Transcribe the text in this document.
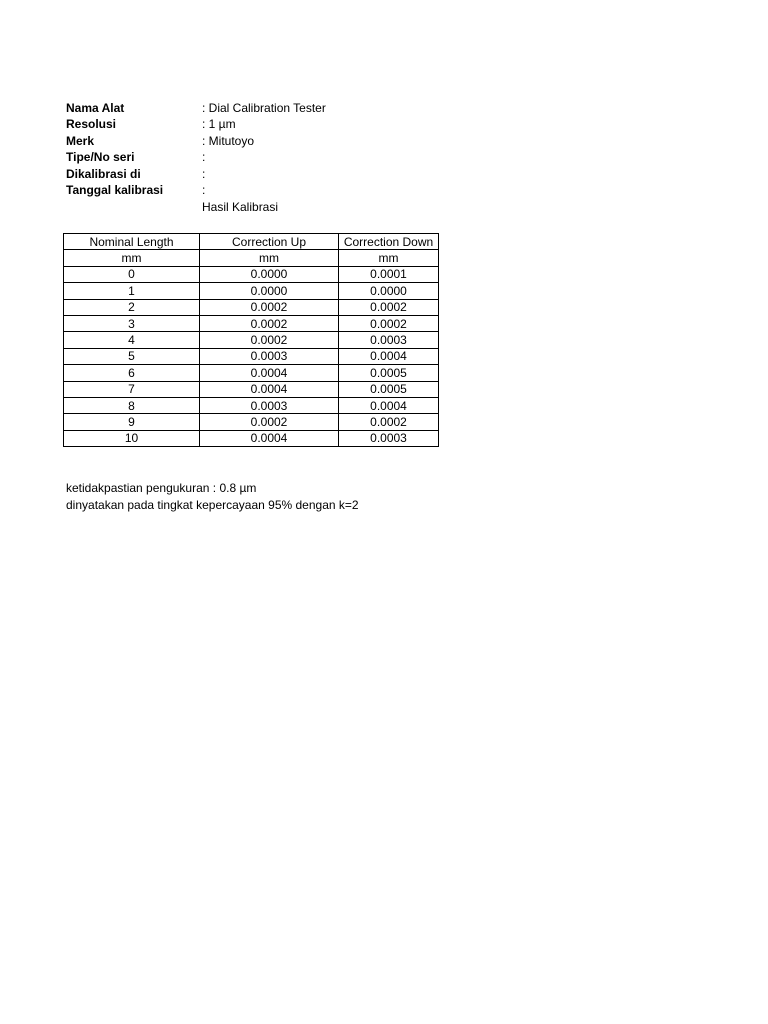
Nama Alat	: Dial Calibration Tester
Resolusi	: 1 µm
Merk	: Mitutoyo
Tipe/No seri	:
Dikalibrasi di	:
Tanggal kalibrasi	:
Hasil Kalibrasi
Nominal Length	Correction Up	Correction Down
mm	mm	mm
0	0.0000	0.0001
1	0.0000	0.0000
2	0.0002	0.0002
3	0.0002	0.0002
4	0.0002	0.0003
5	0.0003	0.0004
6	0.0004	0.0005
7	0.0004	0.0005
8	0.0003	0.0004
9	0.0002	0.0002
10	0.0004	0.0003
ketidakpastian pengukuran : 0.8 µm
dinyatakan pada tingkat kepercayaan 95% dengan k=2
